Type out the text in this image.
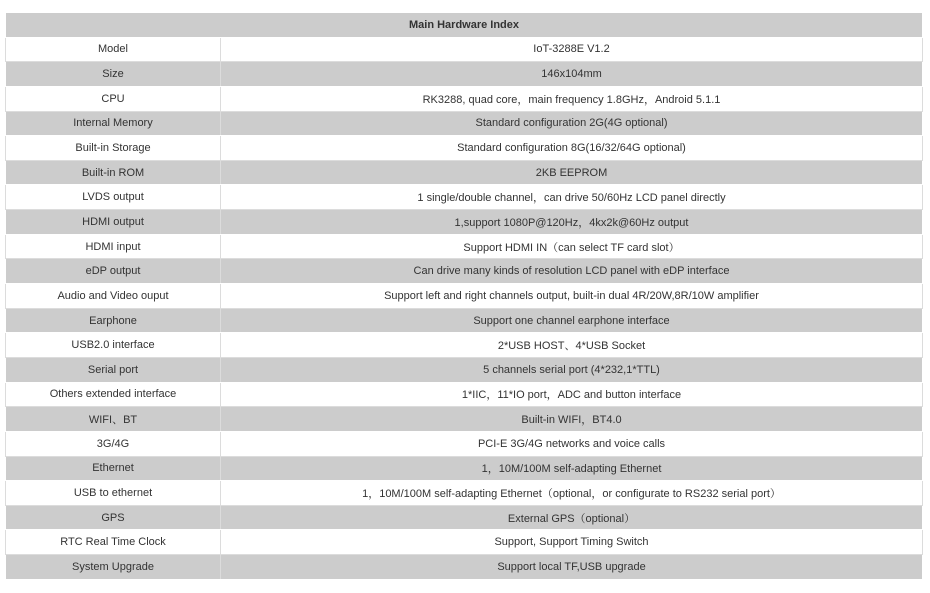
Main Hardware Index	
Model	IoT-3288E V1.2
Size	146x104mm
CPU	RK3288, quad core，main frequency 1.8GHz，Android 5.1.1
Internal Memory	Standard configuration 2G(4G optional)
Built-in Storage	Standard configuration 8G(16/32/64G optional)
Built-in ROM	2KB EEPROM
LVDS output	1 single/double channel，can drive 50/60Hz LCD panel directly
HDMI output	1,support 1080P@120Hz，4kx2k@60Hz output
HDMI input	Support HDMI IN（can select TF card slot）
eDP output	Can drive many kinds of resolution LCD panel with eDP interface
Audio and Video ouput	Support left and right channels output, built-in dual 4R/20W,8R/10W amplifier
Earphone	Support one channel earphone interface
USB2.0 interface	2*USB HOST、4*USB Socket
Serial port	5 channels serial port (4*232,1*TTL)
Others extended interface	1*IIC，11*IO port，ADC and button interface
WIFI、BT	Built-in WIFI，BT4.0
3G/4G	PCI-E 3G/4G networks and voice calls
Ethernet	1，10M/100M self-adapting Ethernet
USB to ethernet	1，10M/100M self-adapting Ethernet（optional，or configurate to RS232 serial port）
GPS	External GPS（optional）
RTC Real Time Clock	Support, Support Timing Switch
System Upgrade	Support local TF,USB upgrade
